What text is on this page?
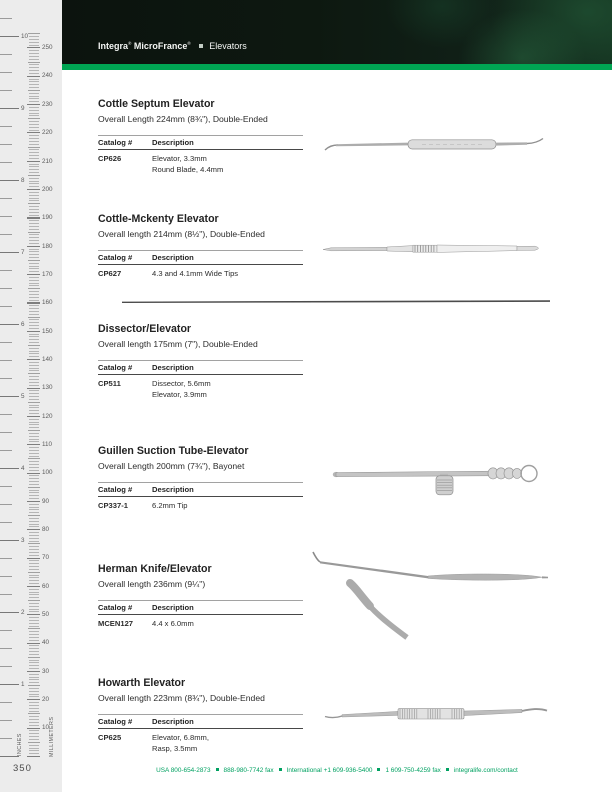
1
2
3
4
5
6
7
8
9
10
10
20
30
40
50
60
70
80
90
100
110
120
130
140
150
160
170
180
190
200
210
220
230
240
250
INCHES	MILLIMETERS
350
Integra® MicroFrance® Elevators
Cottle Septum Elevator

Overall Length 224mm (8¾"), Double-Ended

Catalog #	Description
CP626	Elevator, 3.3mm
Round Blade, 4.4mm
Cottle-Mckenty Elevator

Overall length 214mm (8½"), Double-Ended

Catalog #	Description
CP627	4.3 and 4.1mm Wide Tips
Dissector/Elevator

Overall length 175mm (7"), Double-Ended

Catalog #	Description
CP511	Dissector, 5.6mm
Elevator, 3.9mm
Guillen Suction Tube-Elevator

Overall Length 200mm (7¾"), Bayonet

Catalog #	Description
CP337-1	6.2mm Tip
Herman Knife/Elevator

Overall length 236mm (9¼")

Catalog #	Description
MCEN127	4.4 x 6.0mm
Howarth Elevator

Overall length 223mm (8¾"), Double-Ended

Catalog #	Description
CP625	Elevator, 6.8mm,
Rasp, 3.5mm
USA 800-654-2873 888-980-7742 fax International +1 609-936-5400 1 609-750-4259 fax integralife.com/contact
